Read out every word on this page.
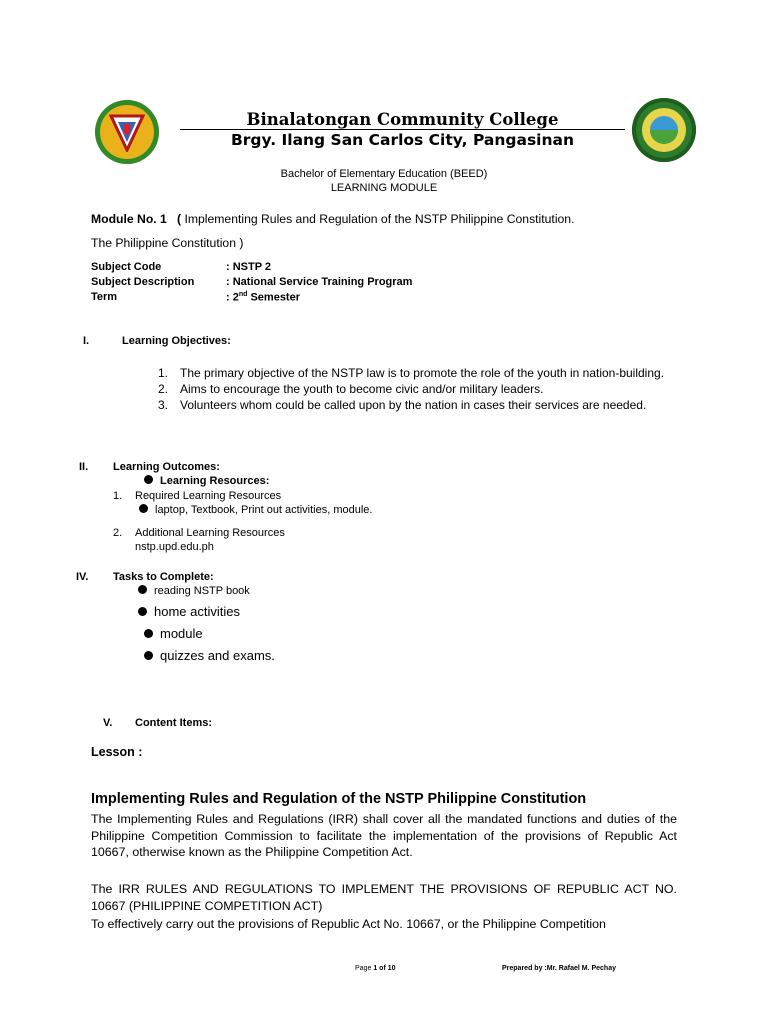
Binalatongan Community College
Brgy. Ilang San Carlos City, Pangasinan
Bachelor of Elementary Education (BEED)
LEARNING MODULE
Module No. 1 ( Implementing Rules and Regulation of the NSTP Philippine Constitution.
The Philippine Constitution )
Subject Code	: NSTP 2
Subject Description	: National Service Training Program
Term	: 2nd Semester
I.	Learning Objectives:
1. The primary objective of the NSTP law is to promote the role of the youth in nation-building.
2. Aims to encourage the youth to become civic and/or military leaders.
3. Volunteers whom could be called upon by the nation in cases their services are needed.
II. Learning Outcomes:
Learning Resources:
1. Required Learning Resources
laptop, Textbook, Print out activities, module.
2. Additional Learning Resources
nstp.upd.edu.ph
IV. Tasks to Complete:
reading NSTP book
home activities
module
quizzes and exams.
V. Content Items:
Lesson :
Implementing Rules and Regulation of the NSTP Philippine Constitution
The Implementing Rules and Regulations (IRR) shall cover all the mandated functions and duties of the Philippine Competition Commission to facilitate the implementation of the provisions of Republic Act 10667, otherwise known as the Philippine Competition Act.
The IRR RULES AND REGULATIONS TO IMPLEMENT THE PROVISIONS OF REPUBLIC ACT NO. 10667 (PHILIPPINE COMPETITION ACT)
To effectively carry out the provisions of Republic Act No. 10667, or the Philippine Competition
Page 1 of 10	Prepared by :Mr. Rafael M. Pechay
